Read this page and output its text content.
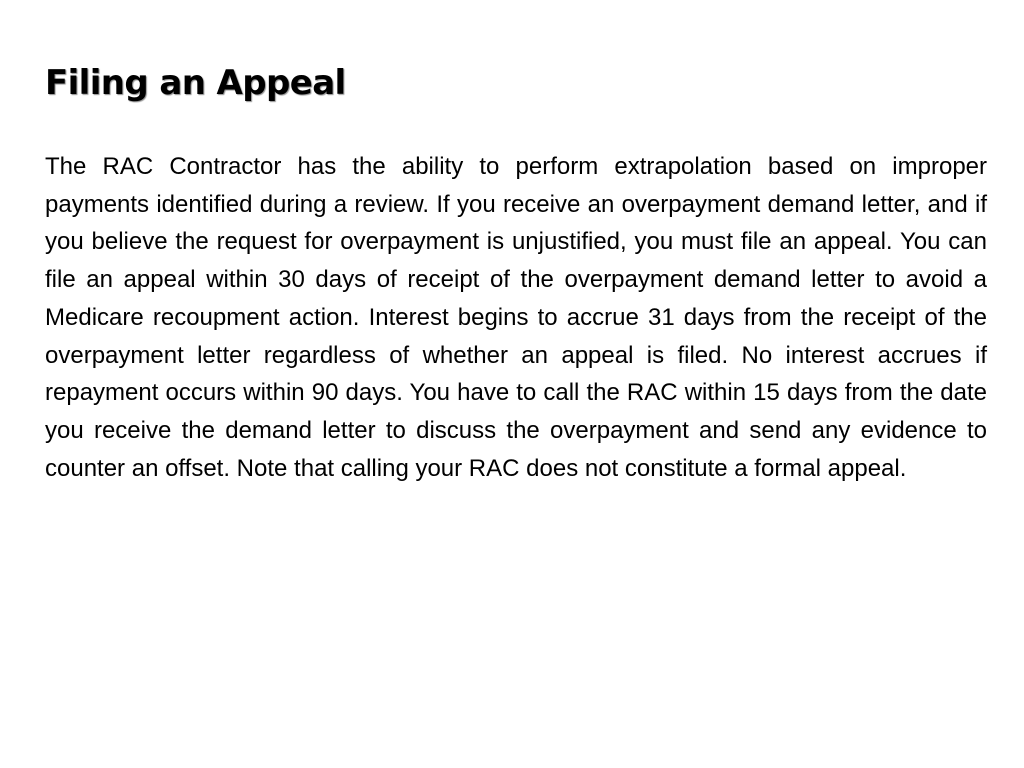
Filing an Appeal

The RAC Contractor has the ability to perform extrapolation based on improper payments identified during a review. If you receive an overpayment demand letter, and if you believe the request for overpayment is unjustified, you must file an appeal. You can file an appeal within 30 days of receipt of the overpayment demand letter to avoid a Medicare recoupment action. Interest begins to accrue 31 days from the receipt of the overpayment letter regardless of whether an appeal is filed. No interest accrues if repayment occurs within 90 days. You have to call the RAC within 15 days from the date you receive the demand letter to discuss the overpayment and send any evidence to counter an offset. Note that calling your RAC does not constitute a formal appeal.
